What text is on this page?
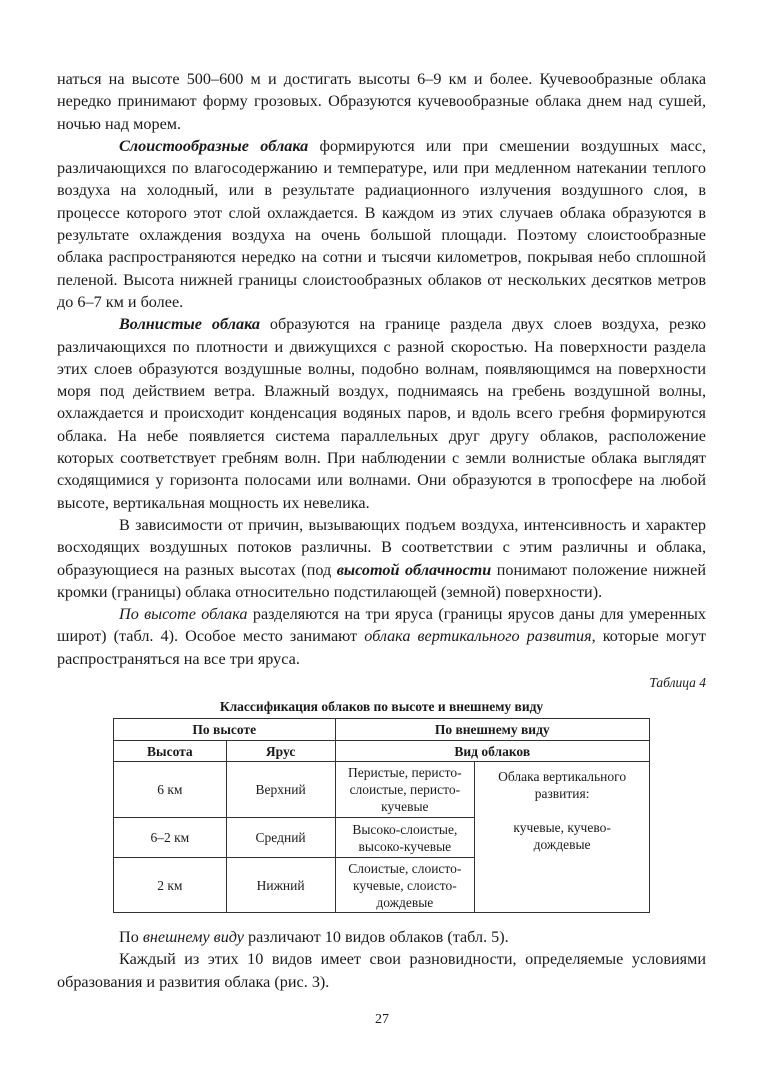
наться на высоте 500–600 м и достигать высоты 6–9 км и более. Кучевообразные облака нередко принимают форму грозовых. Образуются кучевообразные облака днем над сушей, ночью над морем.

Слоистообразные облака формируются или при смешении воздушных масс, различающихся по влагосодержанию и температуре, или при медленном натекании теплого воздуха на холодный, или в результате радиационного излучения воздушного слоя, в процессе которого этот слой охлаждается. В каждом из этих случаев облака образуются в результате охлаждения воздуха на очень большой площади. Поэтому слоистообразные облака распространяются нередко на сотни и тысячи километров, покрывая небо сплошной пеленой. Высота нижней границы слоистообразных облаков от нескольких десятков метров до 6–7 км и более.

Волнистые облака образуются на границе раздела двух слоев воздуха, резко различающихся по плотности и движущихся с разной скоростью. На поверхности раздела этих слоев образуются воздушные волны, подобно волнам, появляющимся на поверхности моря под действием ветра. Влажный воздух, поднимаясь на гребень воздушной волны, охлаждается и происходит конденсация водяных паров, и вдоль всего гребня формируются облака. На небе появляется система параллельных друг другу облаков, расположение которых соответствует гребням волн. При наблюдении с земли волнистые облака выглядят сходящимися у горизонта полосами или волнами. Они образуются в тропосфере на любой высоте, вертикальная мощность их невелика.

В зависимости от причин, вызывающих подъем воздуха, интенсивность и характер восходящих воздушных потоков различны. В соответствии с этим различны и облака, образующиеся на разных высотах (под высотой облачности понимают положение нижней кромки (границы) облака относительно подстилающей (земной) поверхности).

По высоте облака разделяются на три яруса (границы ярусов даны для умеренных широт) (табл. 4). Особое место занимают облака вертикального развития, которые могут распространяться на все три яруса.

Таблица 4

Классификация облаков по высоте и внешнему виду

По высоте		По внешнему виду	
Высота	Ярус	Вид облаков	
6 км	Верхний	Перистые, перисто-слоистые, перисто-кучевые	Облака вертикального развития:
кучевые, кучево-дождевые

6–2 км	Средний	Высоко-слоистые, высоко-кучевые	
2 км	Нижний	Слоистые, слоисто-кучевые, слоисто-дождевые	

По внешнему виду различают 10 видов облаков (табл. 5).

Каждый из этих 10 видов имеет свои разновидности, определяемые условиями образования и развития облака (рис. 3).

27
